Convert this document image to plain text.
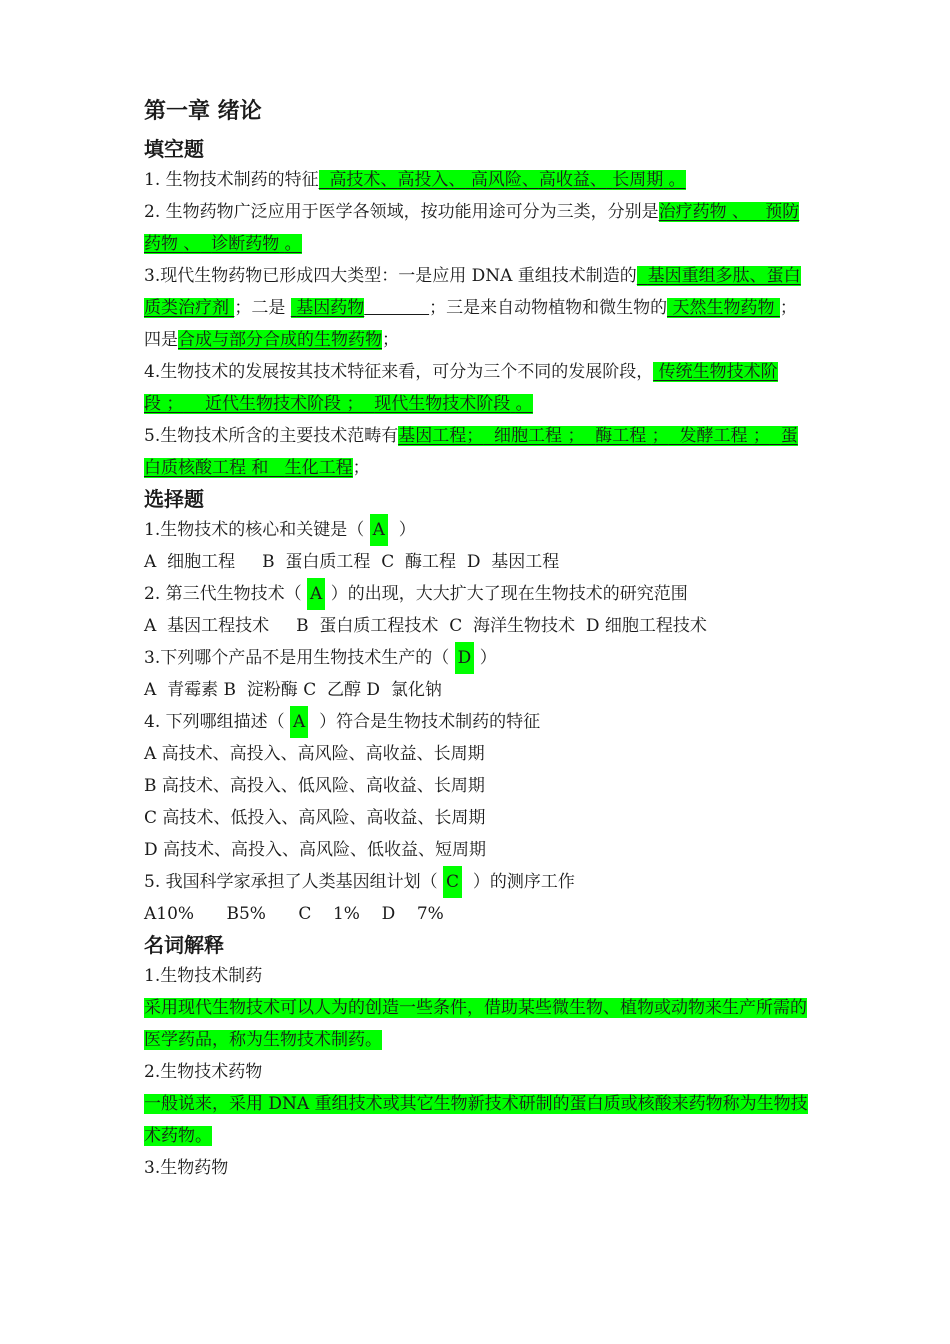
第一章 绪论
填空题

1. 生物技术制药的特征 高技术、高投入、 高风险、高收益、 长周期 。

2. 生物药物广泛应用于医学各领域，按功能用途可分为三类，分别是治疗药物 、 预防药物 、 诊断药物 。

3.现代生物药物已形成四大类型：一是应用 DNA 重组技术制造的 基因重组多肽、蛋白质类治疗剂 ；二是 基因药物	；三是来自动物植物和微生物的 天然生物药物 ；四是合成与部分合成的生物药物；

4.生物技术的发展按其技术特征来看，可分为三个不同的发展阶段， 传统生物技术阶段 ； 近代生物技术阶段 ； 现代生物技术阶段 。

5.生物技术所含的主要技术范畴有基因工程； 细胞工程 ； 酶工程 ； 发酵工程 ； 蛋白质核酸工程 和 生化工程；

选择题

1.生物技术的核心和关键是（ A ）

A  细胞工程     B  蛋白质工程  C  酶工程  D  基因工程

2. 第三代生物技术（ A ）的出现，大大扩大了现在生物技术的研究范围

A  基因工程技术     B  蛋白质工程技术  C  海洋生物技术  D 细胞工程技术

3.下列哪个产品不是用生物技术生产的（ D ）

A  青霉素 B  淀粉酶 C  乙醇 D  氯化钠

4. 下列哪组描述（ A ）符合是生物技术制药的特征

A 高技术、高投入、高风险、高收益、长周期

B 高技术、高投入、低风险、高收益、长周期

C 高技术、低投入、高风险、高收益、长周期

D 高技术、高投入、高风险、低收益、短周期

5. 我国科学家承担了人类基因组计划（ C ）的测序工作

A10%      B5%      C    1%    D    7%

名词解释

1.生物技术制药

采用现代生物技术可以人为的创造一些条件，借助某些微生物、植物或动物来生产所需的医学药品，称为生物技术制药。

2.生物技术药物

一般说来，采用 DNA 重组技术或其它生物新技术研制的蛋白质或核酸来药物称为生物技术药物。

3.生物药物
